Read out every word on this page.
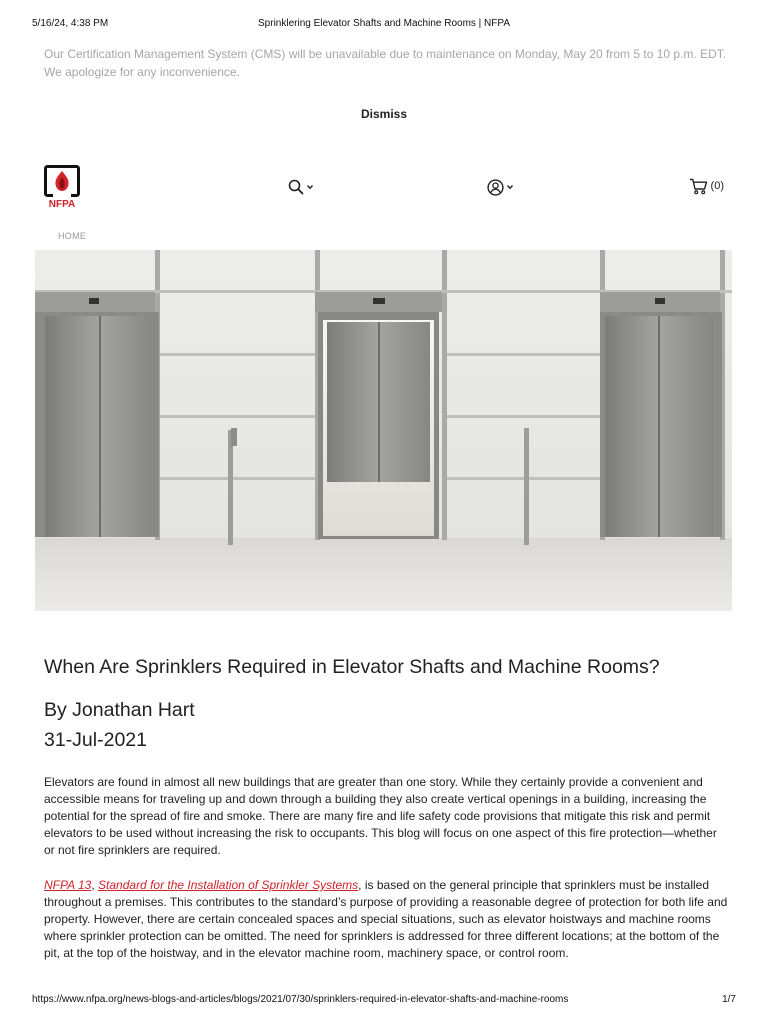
5/16/24, 4:38 PM	Sprinklering Elevator Shafts and Machine Rooms | NFPA
Our Certification Management System (CMS) will be unavailable due to maintenance on Monday, May 20 from 5 to 10 p.m. EDT. We apologize for any inconvenience.
Dismiss
NFPA
(0)
HOME
When Are Sprinklers Required in Elevator Shafts and Machine Rooms?
By Jonathan Hart
31-Jul-2021

Elevators are found in almost all new buildings that are greater than one story. While they certainly provide a convenient and accessible means for traveling up and down through a building they also create vertical openings in a building, increasing the potential for the spread of fire and smoke. There are many fire and life safety code provisions that mitigate this risk and permit elevators to be used without increasing the risk to occupants. This blog will focus on one aspect of this fire protection—whether or not fire sprinklers are required.

NFPA 13, Standard for the Installation of Sprinkler Systems, is based on the general principle that sprinklers must be installed throughout a premises. This contributes to the standard’s purpose of providing a reasonable degree of protection for both life and property. However, there are certain concealed spaces and special situations, such as elevator hoistways and machine rooms where sprinkler protection can be omitted. The need for sprinklers is addressed for three different locations; at the bottom of the pit, at the top of the hoistway, and in the elevator machine room, machinery space, or control room.

https://www.nfpa.org/news-blogs-and-articles/blogs/2021/07/30/sprinklers-required-in-elevator-shafts-and-machine-rooms	1/7
